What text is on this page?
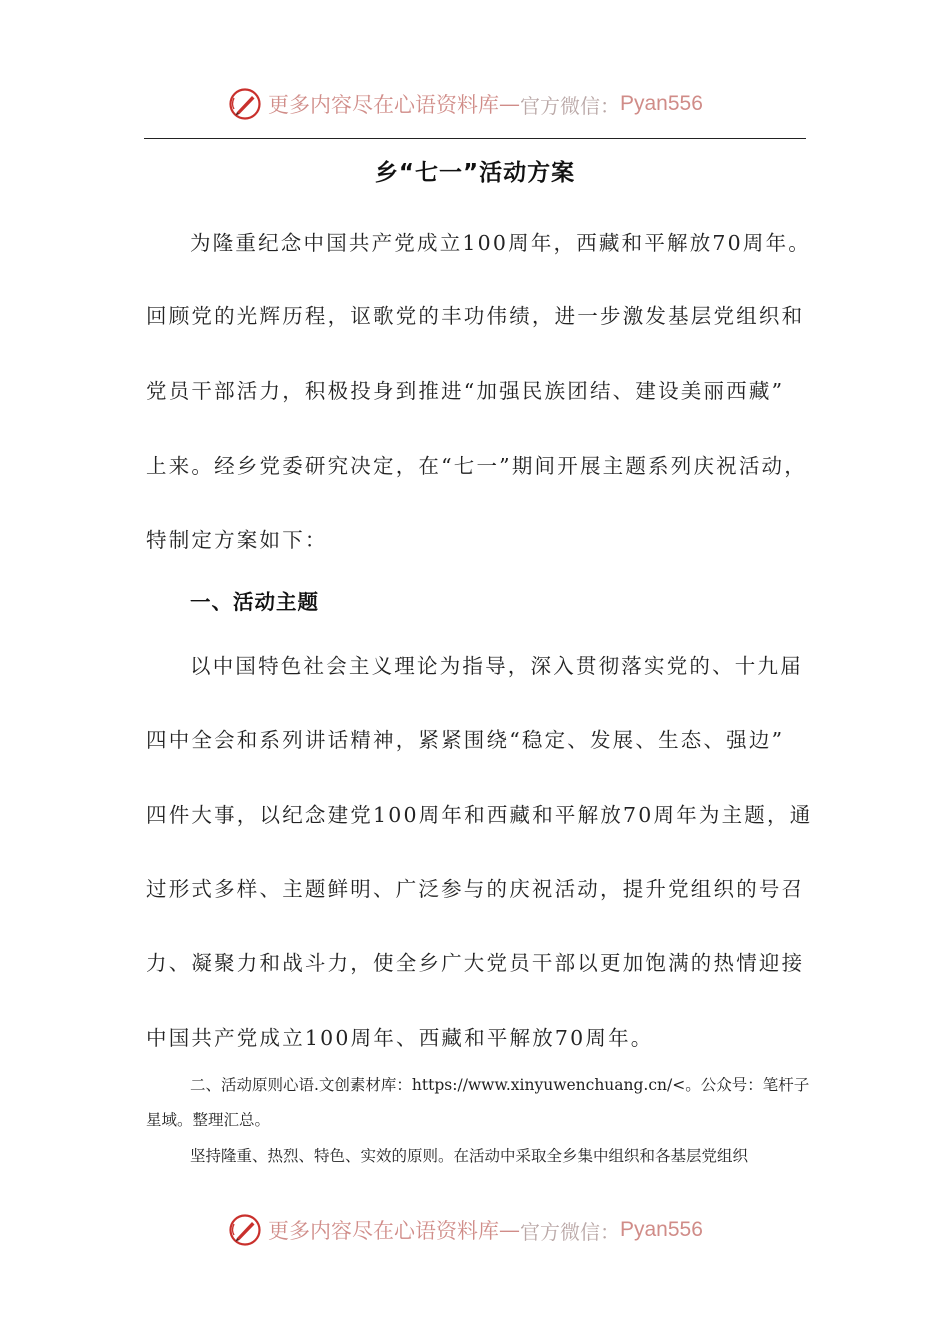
更多内容尽在心语资料库 — 官方微信： Pyan556
乡“七一”活动方案
为隆重纪念中国共产党成立100周年，西藏和平解放70周年。
回顾党的光辉历程，讴歌党的丰功伟绩，进一步激发基层党组织和
党员干部活力，积极投身到推进“加强民族团结、建设美丽西藏”
上来。经乡党委研究决定，在“七一”期间开展主题系列庆祝活动，
特制定方案如下：
一、活动主题
以中国特色社会主义理论为指导，深入贯彻落实党的、十九届
四中全会和系列讲话精神，紧紧围绕“稳定、发展、生态、强边”
四件大事，以纪念建党100周年和西藏和平解放70周年为主题，通
过形式多样、主题鲜明、广泛参与的庆祝活动，提升党组织的号召
力、凝聚力和战斗力，使全乡广大党员干部以更加饱满的热情迎接
中国共产党成立100周年、西藏和平解放70周年。
二、活动原则心语.文创素材库：https://www.xinyuwenchuang.cn/<。公众号：笔杆子
星域。整理汇总。
坚持隆重、热烈、特色、实效的原则。在活动中采取全乡集中组织和各基层党组织
更多内容尽在心语资料库 — 官方微信： Pyan556
